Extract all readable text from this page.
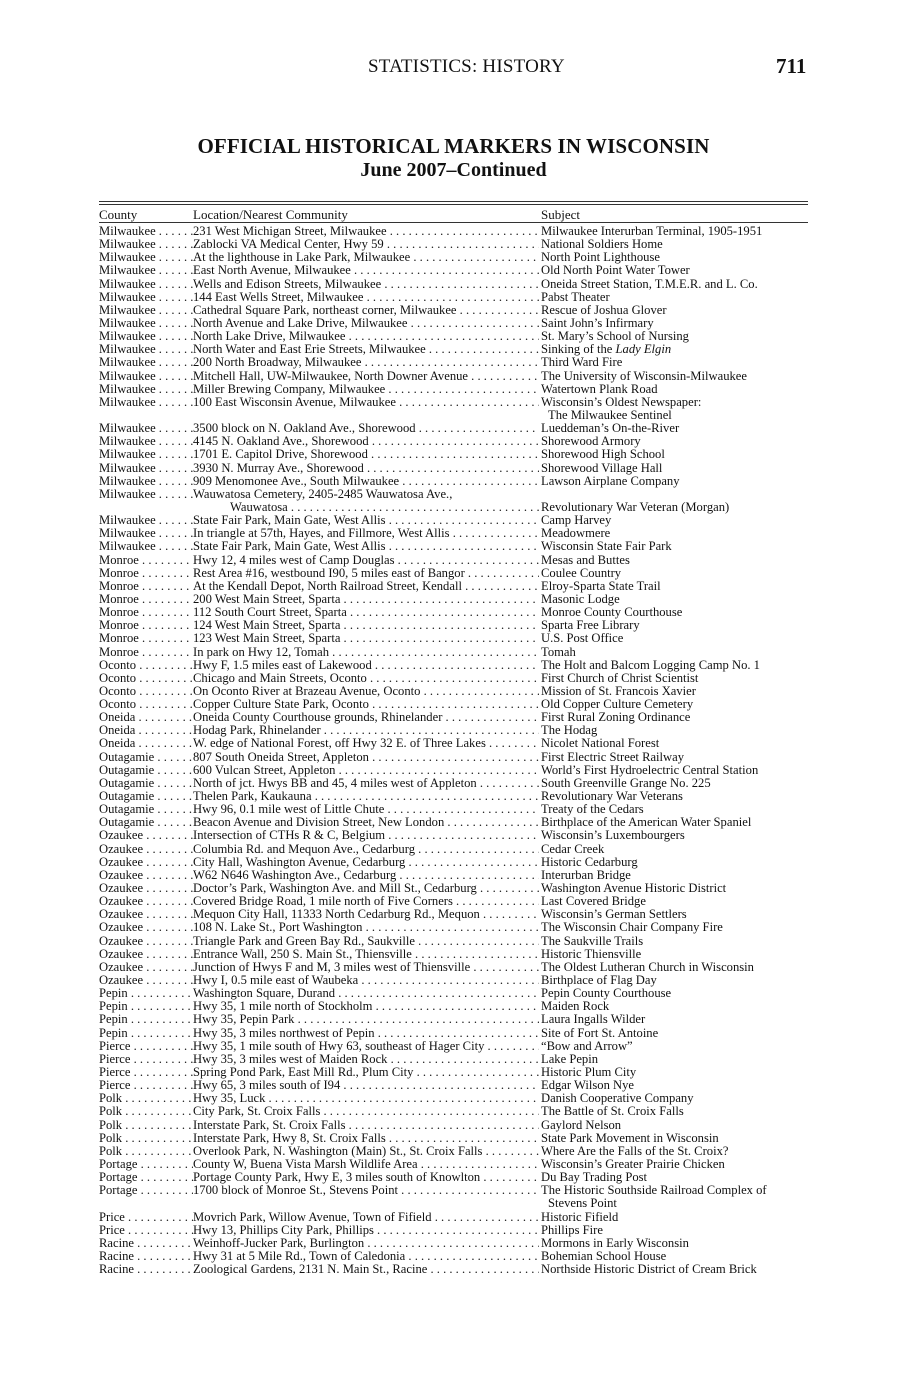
STATISTICS: HISTORY	711
OFFICIAL HISTORICAL MARKERS IN WISCONSIN
June 2007–Continued
County	Location/Nearest Community	Subject
Milwaukee . . .	231 West Michigan Street, Milwaukee . . .	Milwaukee Interurban Terminal, 1905-1951
Milwaukee . . .	Zablocki VA Medical Center, Hwy 59 . . .	National Soldiers Home
Milwaukee . . .	At the lighthouse in Lake Park, Milwaukee . . .	North Point Lighthouse
Milwaukee . . .	East North Avenue, Milwaukee . . .	Old North Point Water Tower
Milwaukee . . .	Wells and Edison Streets, Milwaukee . . .	Oneida Street Station, T.M.E.R. and L. Co.
Milwaukee . . .	144 East Wells Street, Milwaukee . . .	Pabst Theater
Milwaukee . . .	Cathedral Square Park, northeast corner, Milwaukee . . .	Rescue of Joshua Glover
Milwaukee . . .	North Avenue and Lake Drive, Milwaukee . . .	Saint John’s Infirmary
Milwaukee . . .	North Lake Drive, Milwaukee . . .	St. Mary’s School of Nursing
Milwaukee . . .	North Water and East Erie Streets, Milwaukee . . .	Sinking of the Lady Elgin
Milwaukee . . .	200 North Broadway, Milwaukee . . .	Third Ward Fire
Milwaukee . . .	Mitchell Hall, UW-Milwaukee, North Downer Avenue . . .	The University of Wisconsin-Milwaukee
Milwaukee . . .	Miller Brewing Company, Milwaukee . . .	Watertown Plank Road
Milwaukee . . .	100 East Wisconsin Avenue, Milwaukee . . .	Wisconsin’s Oldest Newspaper:
The Milwaukee Sentinel
Milwaukee . . .	3500 block on N. Oakland Ave., Shorewood . . .	Lueddeman’s On-the-River
Milwaukee . . .	4145 N. Oakland Ave., Shorewood . . .	Shorewood Armory
Milwaukee . . .	1701 E. Capitol Drive, Shorewood . . .	Shorewood High School
Milwaukee . . .	3930 N. Murray Ave., Shorewood . . .	Shorewood Village Hall
Milwaukee . . .	909 Menomonee Ave., South Milwaukee . . .	Lawson Airplane Company
Milwaukee . . .	Wauwatosa Cemetery, 2405-2485 Wauwatosa Ave.,
Wauwatosa . . .	Revolutionary War Veteran (Morgan)
Milwaukee . . .	State Fair Park, Main Gate, West Allis . . .	Camp Harvey
Milwaukee . . .	In triangle at 57th, Hayes, and Fillmore, West Allis . . .	Meadowmere
Milwaukee . . .	State Fair Park, Main Gate, West Allis . . .	Wisconsin State Fair Park
Monroe . . .	Hwy 12, 4 miles west of Camp Douglas . . .	Mesas and Buttes
Monroe . . .	Rest Area #16, westbound I90, 5 miles east of Bangor . . .	Coulee Country
Monroe . . .	At the Kendall Depot, North Railroad Street, Kendall . . .	Elroy-Sparta State Trail
Monroe . . .	200 West Main Street, Sparta . . .	Masonic Lodge
Monroe . . .	112 South Court Street, Sparta . . .	Monroe County Courthouse
Monroe . . .	124 West Main Street, Sparta . . .	Sparta Free Library
Monroe . . .	123 West Main Street, Sparta . . .	U.S. Post Office
Monroe . . .	In park on Hwy 12, Tomah . . .	Tomah
Oconto . . .	Hwy F, 1.5 miles east of Lakewood . . .	The Holt and Balcom Logging Camp No. 1
Oconto . . .	Chicago and Main Streets, Oconto . . .	First Church of Christ Scientist
Oconto . . .	On Oconto River at Brazeau Avenue, Oconto . . .	Mission of St. Francois Xavier
Oconto . . .	Copper Culture State Park, Oconto . . .	Old Copper Culture Cemetery
Oneida . . .	Oneida County Courthouse grounds, Rhinelander . . .	First Rural Zoning Ordinance
Oneida . . .	Hodag Park, Rhinelander . . .	The Hodag
Oneida . . .	W. edge of National Forest, off Hwy 32 E. of Three Lakes . . .	Nicolet National Forest
Outagamie . . .	807 South Oneida Street, Appleton . . .	First Electric Street Railway
Outagamie . . .	600 Vulcan Street, Appleton . . .	World’s First Hydroelectric Central Station
Outagamie . . .	North of jct. Hwys BB and 45, 4 miles west of Appleton . . .	South Greenville Grange No. 225
Outagamie . . .	Thelen Park, Kaukauna . . .	Revolutionary War Veterans
Outagamie . . .	Hwy 96, 0.1 mile west of Little Chute . . .	Treaty of the Cedars
Outagamie . . .	Beacon Avenue and Division Street, New London . . .	Birthplace of the American Water Spaniel
Ozaukee . . .	Intersection of CTHs R & C, Belgium . . .	Wisconsin’s Luxembourgers
Ozaukee . . .	Columbia Rd. and Mequon Ave., Cedarburg . . .	Cedar Creek
Ozaukee . . .	City Hall, Washington Avenue, Cedarburg . . .	Historic Cedarburg
Ozaukee . . .	W62 N646 Washington Ave., Cedarburg . . .	Interurban Bridge
Ozaukee . . .	Doctor’s Park, Washington Ave. and Mill St., Cedarburg . . .	Washington Avenue Historic District
Ozaukee . . .	Covered Bridge Road, 1 mile north of Five Corners . . .	Last Covered Bridge
Ozaukee . . .	Mequon City Hall, 11333 North Cedarburg Rd., Mequon . . .	Wisconsin’s German Settlers
Ozaukee . . .	108 N. Lake St., Port Washington . . .	The Wisconsin Chair Company Fire
Ozaukee . . .	Triangle Park and Green Bay Rd., Saukville . . .	The Saukville Trails
Ozaukee . . .	Entrance Wall, 250 S. Main St., Thiensville . . .	Historic Thiensville
Ozaukee . . .	Junction of Hwys F and M, 3 miles west of Thiensville . . .	The Oldest Lutheran Church in Wisconsin
Ozaukee . . .	Hwy I, 0.5 mile east of Waubeka . . .	Birthplace of Flag Day
Pepin . . .	Washington Square, Durand . . .	Pepin County Courthouse
Pepin . . .	Hwy 35, 1 mile north of Stockholm . . .	Maiden Rock
Pepin . . .	Hwy 35, Pepin Park . . .	Laura Ingalls Wilder
Pepin . . .	Hwy 35, 3 miles northwest of Pepin . . .	Site of Fort St. Antoine
Pierce . . .	Hwy 35, 1 mile south of Hwy 63, southeast of Hager City . . .	“Bow and Arrow”
Pierce . . .	Hwy 35, 3 miles west of Maiden Rock . . .	Lake Pepin
Pierce . . .	Spring Pond Park, East Mill Rd., Plum City . . .	Historic Plum City
Pierce . . .	Hwy 65, 3 miles south of I94 . . .	Edgar Wilson Nye
Polk . . .	Hwy 35, Luck . . .	Danish Cooperative Company
Polk . . .	City Park, St. Croix Falls . . .	The Battle of St. Croix Falls
Polk . . .	Interstate Park, St. Croix Falls . . .	Gaylord Nelson
Polk . . .	Interstate Park, Hwy 8, St. Croix Falls . . .	State Park Movement in Wisconsin
Polk . . .	Overlook Park, N. Washington (Main) St., St. Croix Falls . . .	Where Are the Falls of the St. Croix?
Portage . . .	County W, Buena Vista Marsh Wildlife Area . . .	Wisconsin’s Greater Prairie Chicken
Portage . . .	Portage County Park, Hwy E, 3 miles south of Knowlton . . .	Du Bay Trading Post
Portage . . .	1700 block of Monroe St., Stevens Point . . .	The Historic Southside Railroad Complex of
Stevens Point
Price . . .	Movrich Park, Willow Avenue, Town of Fifield . . .	Historic Fifield
Price . . .	Hwy 13, Phillips City Park, Phillips . . .	Phillips Fire
Racine . . .	Weinhoff-Jucker Park, Burlington . . .	Mormons in Early Wisconsin
Racine . . .	Hwy 31 at 5 Mile Rd., Town of Caledonia . . .	Bohemian School House
Racine . . .	Zoological Gardens, 2131 N. Main St., Racine . . .	Northside Historic District of Cream Brick
